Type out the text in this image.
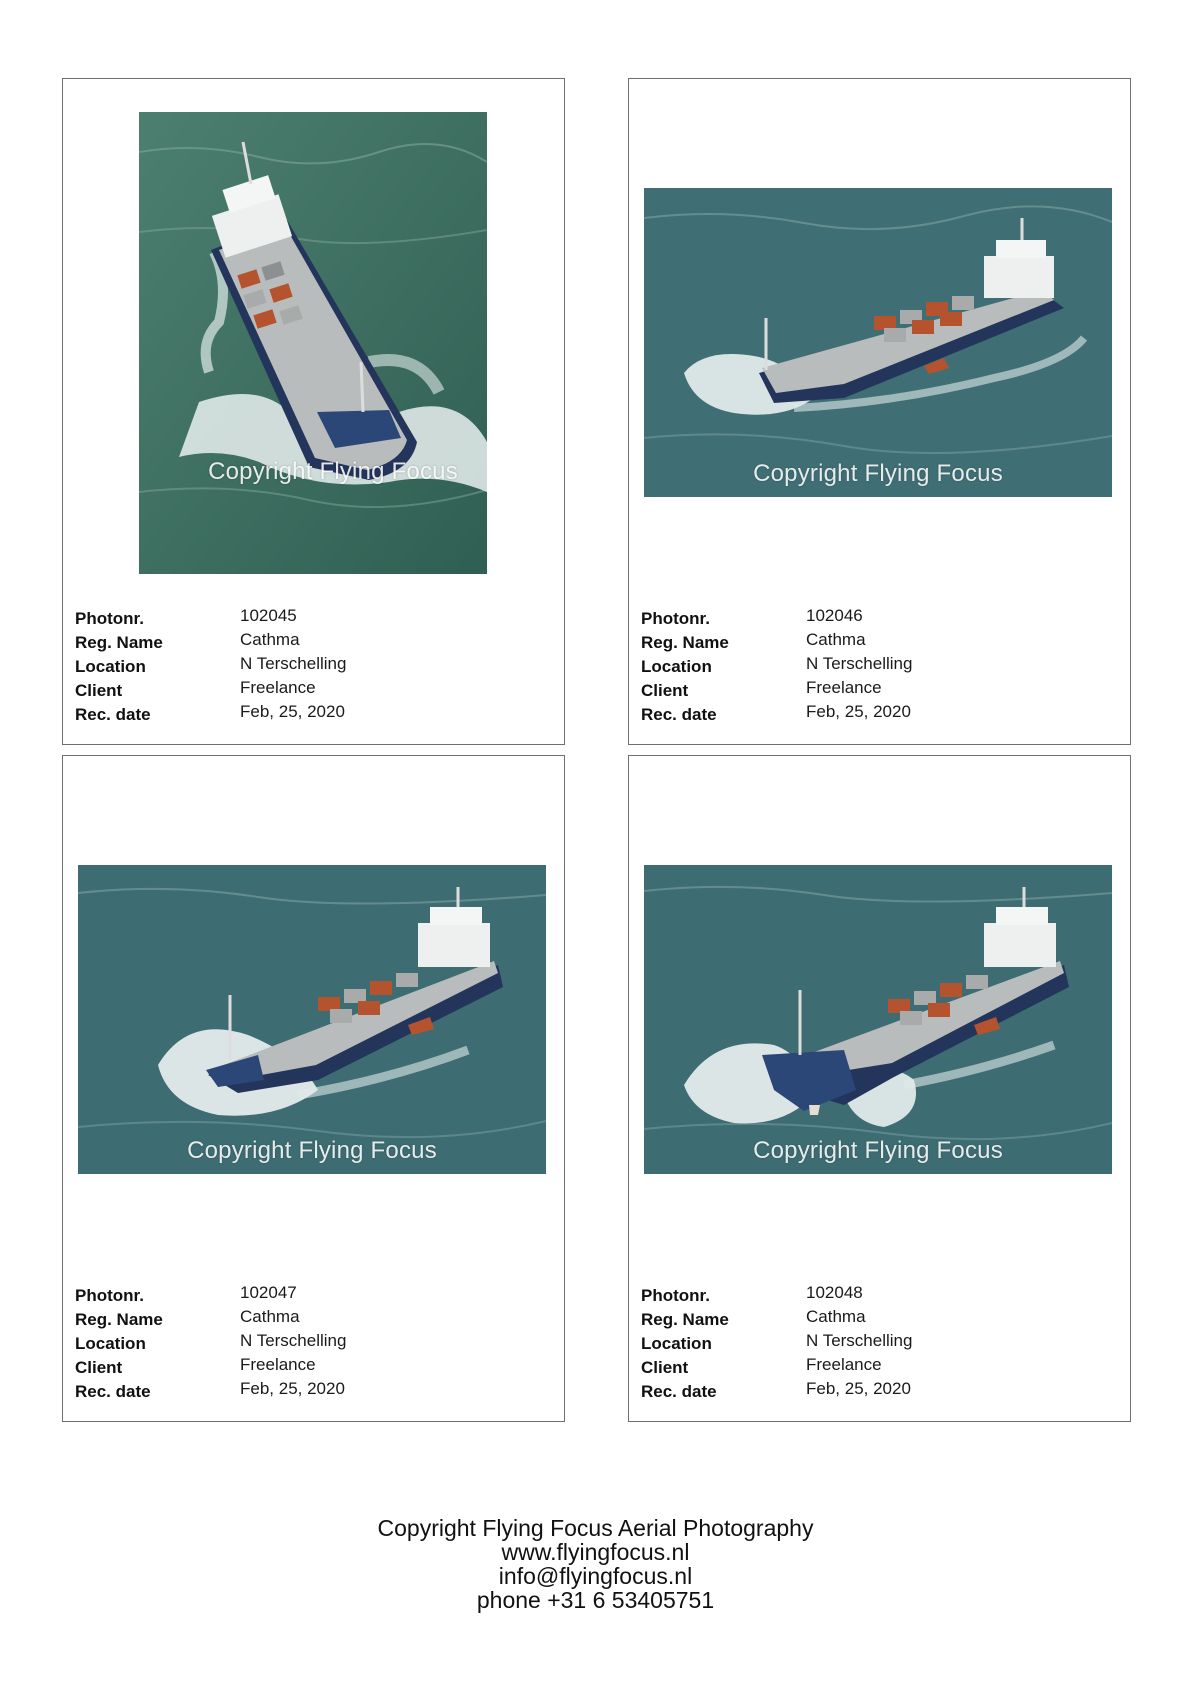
Copyright Flying Focus
Photonr.	102045
Reg. Name	Cathma
Location	N Terschelling
Client	Freelance
Rec. date	Feb, 25, 2020
Copyright Flying Focus
Photonr.	102046
Reg. Name	Cathma
Location	N Terschelling
Client	Freelance
Rec. date	Feb, 25, 2020
Copyright Flying Focus
Photonr.	102047
Reg. Name	Cathma
Location	N Terschelling
Client	Freelance
Rec. date	Feb, 25, 2020
Copyright Flying Focus
Photonr.	102048
Reg. Name	Cathma
Location	N Terschelling
Client	Freelance
Rec. date	Feb, 25, 2020
Copyright Flying Focus Aerial Photography
www.flyingfocus.nl
info@flyingfocus.nl
phone +31 6 53405751
